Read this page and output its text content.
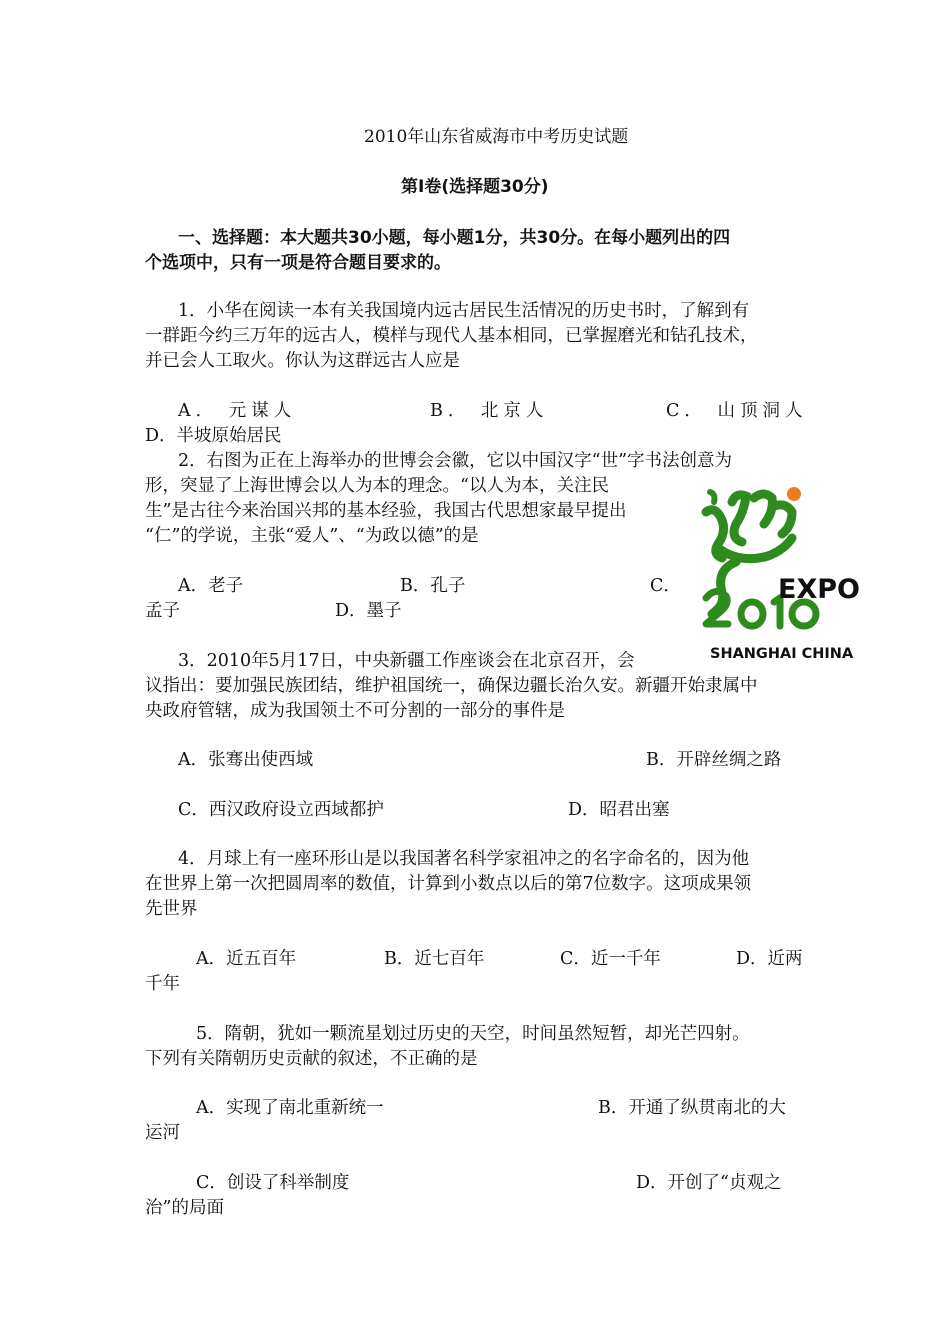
2010年山东省威海市中考历史试题
第Ⅰ卷(选择题30分)
一、选择题：本大题共30小题，每小题1分，共30分。在每小题列出的四
个选项中，只有一项是符合题目要求的。
1．小华在阅读一本有关我国境内远古居民生活情况的历史书时，了解到有
一群距今约三万年的远古人，模样与现代人基本相同，已掌握磨光和钻孔技术，
并已会人工取火。你认为这群远古人应是
A． 元谋人	B． 北京人	C． 山顶洞人
D．半坡原始居民
2．右图为正在上海举办的世博会会徽，它以中国汉字“世”字书法创意为
形，突显了上海世博会以人为本的理念。“以人为本，关注民
生”是古往今来治国兴邦的基本经验，我国古代思想家最早提出
“仁”的学说，主张“爱人”、“为政以德”的是
A．老子	B．孔子	C．
孟子	D．墨子
EXPO
SHANGHAI CHINA
3．2010年5月17日，中央新疆工作座谈会在北京召开，会
议指出：要加强民族团结，维护祖国统一，确保边疆长治久安。新疆开始隶属中
央政府管辖，成为我国领土不可分割的一部分的事件是
A．张骞出使西域	B．开辟丝绸之路
C．西汉政府设立西域都护	D．昭君出塞
4．月球上有一座环形山是以我国著名科学家祖冲之的名字命名的，因为他
在世界上第一次把圆周率的数值，计算到小数点以后的第7位数字。这项成果领
先世界
A．近五百年	B．近七百年	C．近一千年	D．近两
千年
5．隋朝，犹如一颗流星划过历史的天空，时间虽然短暂，却光芒四射。
下列有关隋朝历史贡献的叙述，不正确的是
A．实现了南北重新统一	B．开通了纵贯南北的大
运河
C．创设了科举制度	D．开创了“贞观之
治”的局面
